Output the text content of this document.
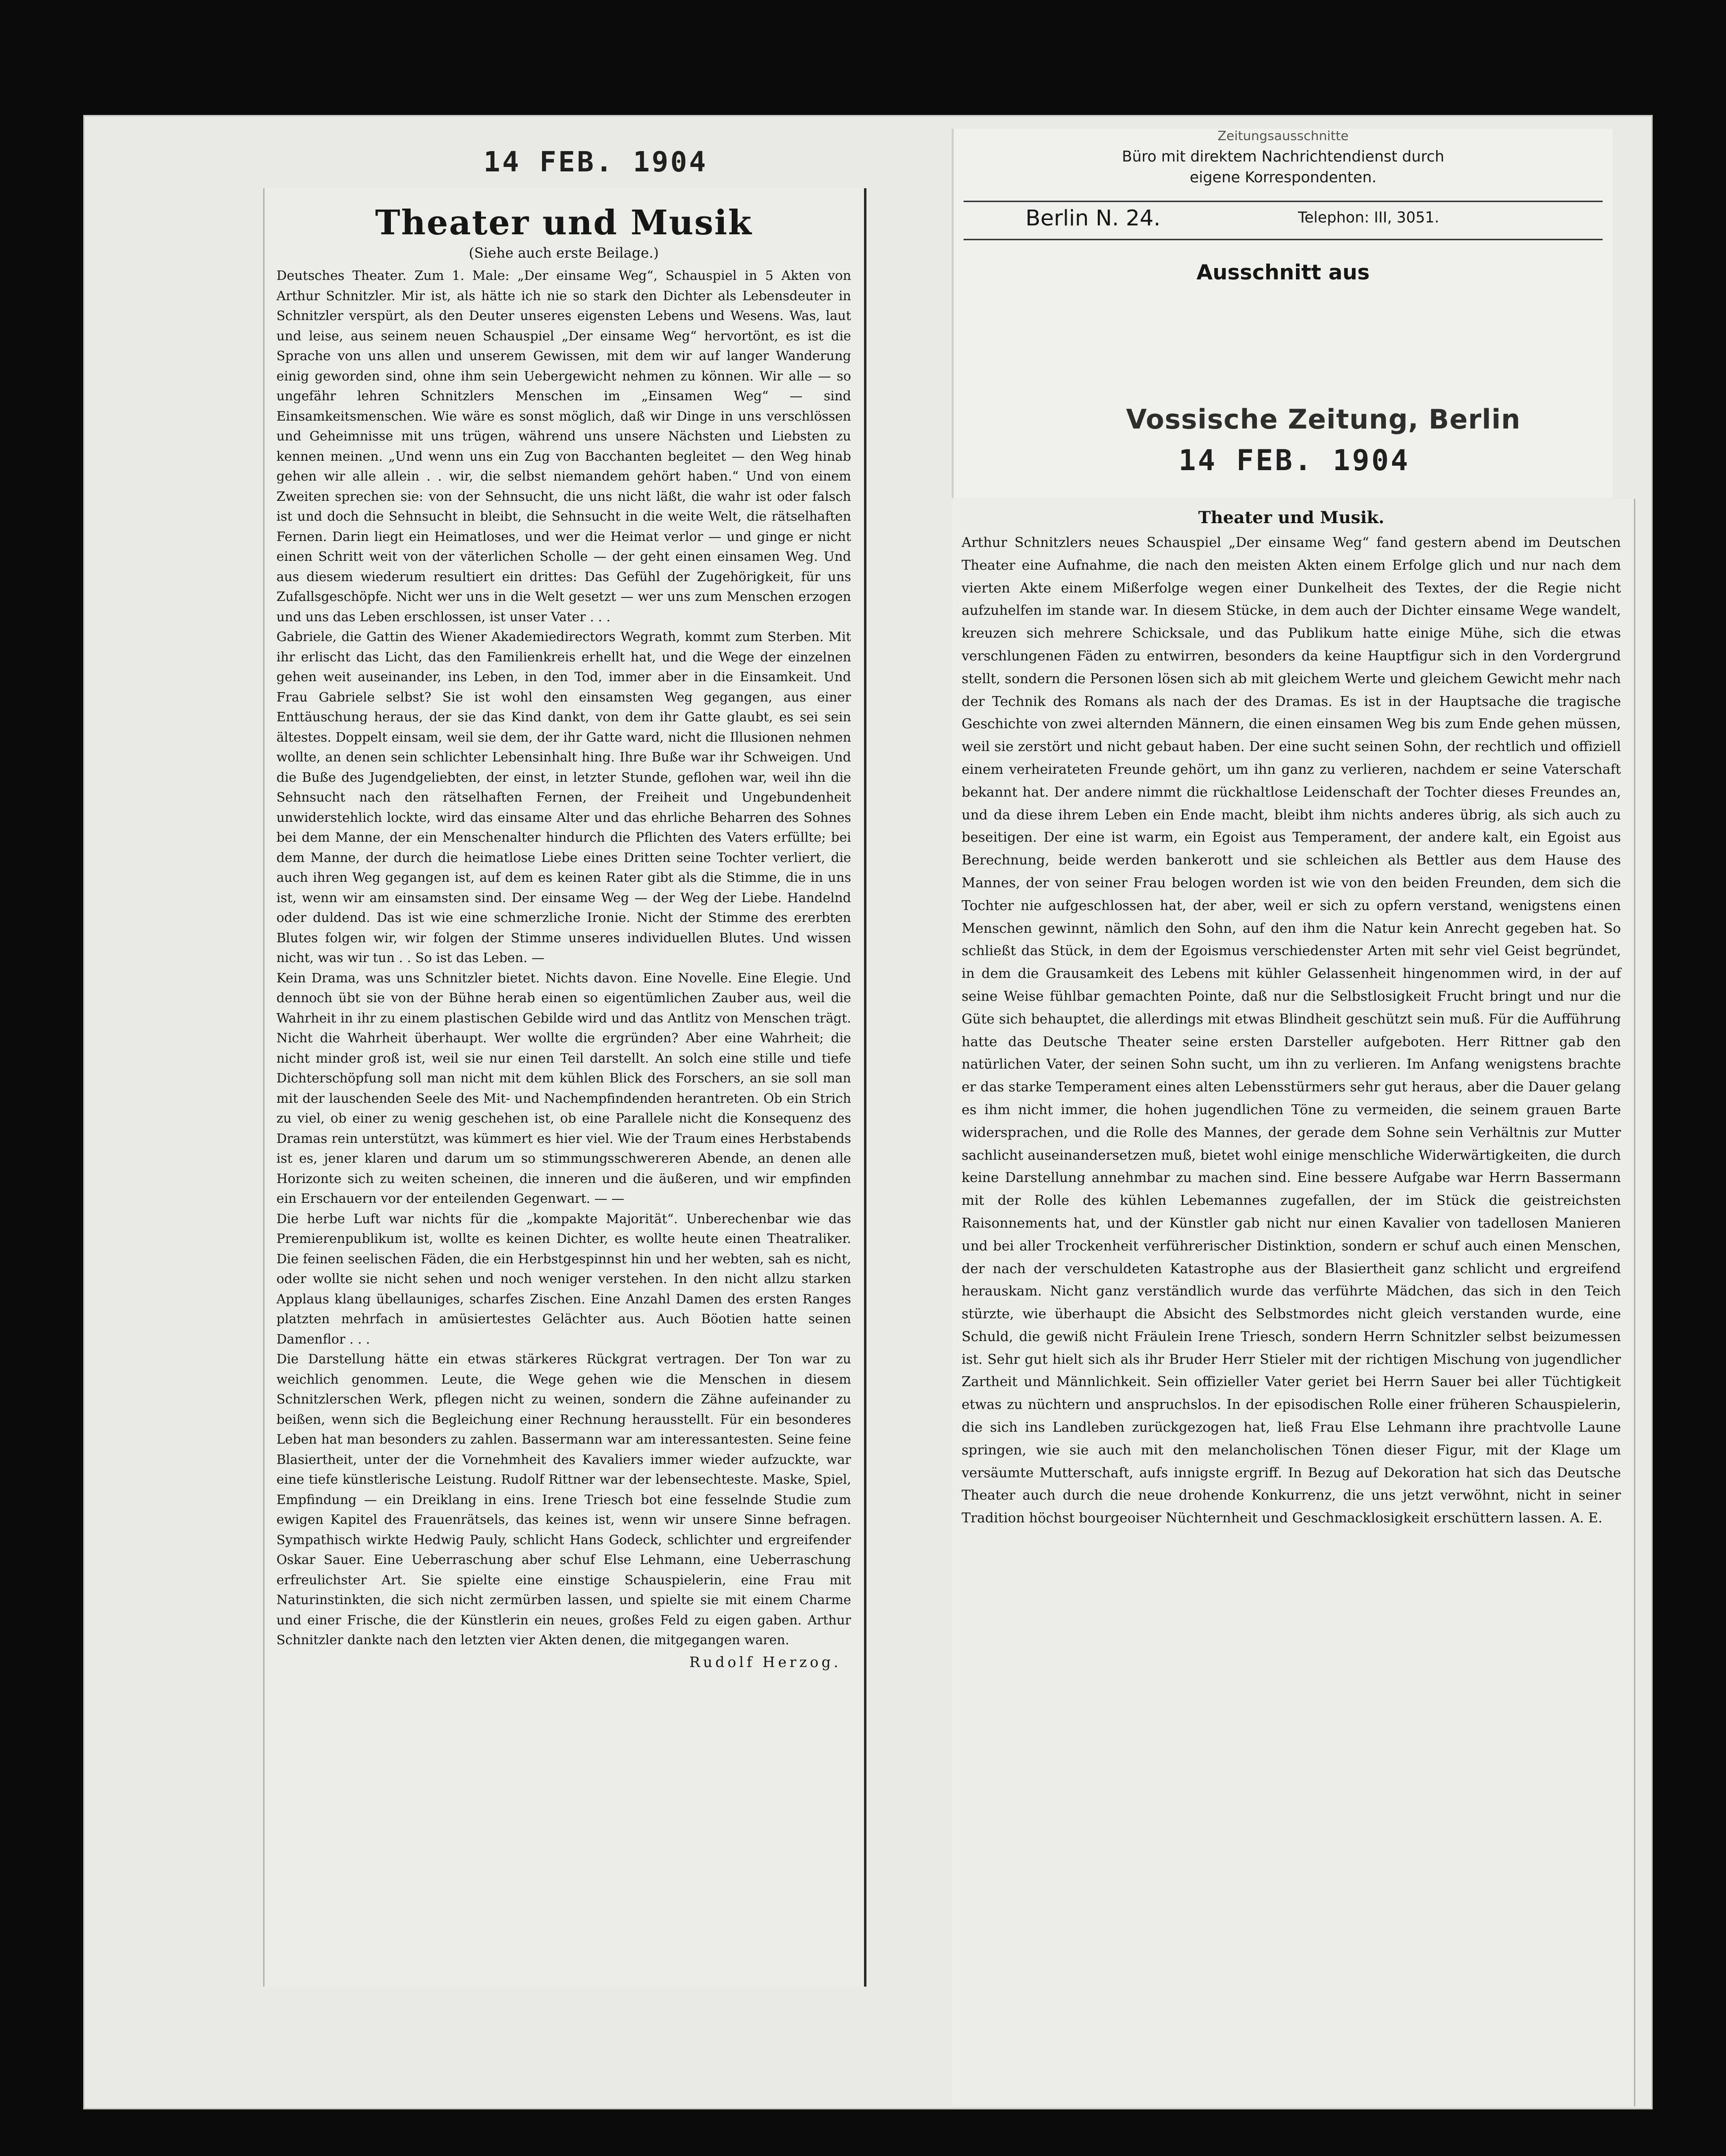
14 FEB. 1904
Theater und Musik
(Siehe auch erste Beilage.)
Deutsches Theater. Zum 1. Male: „Der einsame Weg“, Schauspiel in 5 Akten von Arthur Schnitzler. Mir ist, als hätte ich nie so stark den Dichter als Lebensdeuter in Schnitzler verspürt, als den Deuter unseres eigensten Lebens und Wesens. Was, laut und leise, aus seinem neuen Schauspiel „Der einsame Weg“ hervortönt, es ist die Sprache von uns allen und unserem Gewissen, mit dem wir auf langer Wanderung einig geworden sind, ohne ihm sein Uebergewicht nehmen zu können. Wir alle — so ungefähr lehren Schnitzlers Menschen im „Einsamen Weg“ — sind Einsamkeitsmenschen. Wie wäre es sonst möglich, daß wir Dinge in uns verschlössen und Geheimnisse mit uns trügen, während uns unsere Nächsten und Liebsten zu kennen meinen. „Und wenn uns ein Zug von Bacchanten begleitet — den Weg hinab gehen wir alle allein . . wir, die selbst niemandem gehört haben.“ Und von einem Zweiten sprechen sie: von der Sehnsucht, die uns nicht läßt, die wahr ist oder falsch ist und doch die Sehnsucht in bleibt, die Sehnsucht in die weite Welt, die rätselhaften Fernen. Darin liegt ein Heimatloses, und wer die Heimat verlor — und ginge er nicht einen Schritt weit von der väterlichen Scholle — der geht einen einsamen Weg. Und aus diesem wiederum resultiert ein drittes: Das Gefühl der Zugehörigkeit, für uns Zufallsgeschöpfe. Nicht wer uns in die Welt gesetzt — wer uns zum Menschen erzogen und uns das Leben erschlossen, ist unser Vater . . .
Gabriele, die Gattin des Wiener Akademiedirectors Wegrath, kommt zum Sterben. Mit ihr erlischt das Licht, das den Familienkreis erhellt hat, und die Wege der einzelnen gehen weit auseinander, ins Leben, in den Tod, immer aber in die Einsamkeit. Und Frau Gabriele selbst? Sie ist wohl den einsamsten Weg gegangen, aus einer Enttäuschung heraus, der sie das Kind dankt, von dem ihr Gatte glaubt, es sei sein ältestes. Doppelt einsam, weil sie dem, der ihr Gatte ward, nicht die Illusionen nehmen wollte, an denen sein schlichter Lebensinhalt hing. Ihre Buße war ihr Schweigen. Und die Buße des Jugendgeliebten, der einst, in letzter Stunde, geflohen war, weil ihn die Sehnsucht nach den rätselhaften Fernen, der Freiheit und Ungebundenheit unwiderstehlich lockte, wird das einsame Alter und das ehrliche Beharren des Sohnes bei dem Manne, der ein Menschenalter hindurch die Pflichten des Vaters erfüllte; bei dem Manne, der durch die heimatlose Liebe eines Dritten seine Tochter verliert, die auch ihren Weg gegangen ist, auf dem es keinen Rater gibt als die Stimme, die in uns ist, wenn wir am einsamsten sind. Der einsame Weg — der Weg der Liebe. Handelnd oder duldend. Das ist wie eine schmerzliche Ironie. Nicht der Stimme des ererbten Blutes folgen wir, wir folgen der Stimme unseres individuellen Blutes. Und wissen nicht, was wir tun . . So ist das Leben. —
Kein Drama, was uns Schnitzler bietet. Nichts davon. Eine Novelle. Eine Elegie. Und dennoch übt sie von der Bühne herab einen so eigentümlichen Zauber aus, weil die Wahrheit in ihr zu einem plastischen Gebilde wird und das Antlitz von Menschen trägt. Nicht die Wahrheit überhaupt. Wer wollte die ergründen? Aber eine Wahrheit; die nicht minder groß ist, weil sie nur einen Teil darstellt. An solch eine stille und tiefe Dichterschöpfung soll man nicht mit dem kühlen Blick des Forschers, an sie soll man mit der lauschenden Seele des Mit- und Nachempfindenden herantreten. Ob ein Strich zu viel, ob einer zu wenig geschehen ist, ob eine Parallele nicht die Konsequenz des Dramas rein unterstützt, was kümmert es hier viel. Wie der Traum eines Herbstabends ist es, jener klaren und darum um so stimmungsschwereren Abende, an denen alle Horizonte sich zu weiten scheinen, die inneren und die äußeren, und wir empfinden ein Erschauern vor der enteilenden Gegenwart. — —
Die herbe Luft war nichts für die „kompakte Majorität“. Unberechenbar wie das Premierenpublikum ist, wollte es keinen Dichter, es wollte heute einen Theatraliker. Die feinen seelischen Fäden, die ein Herbstgespinnst hin und her webten, sah es nicht, oder wollte sie nicht sehen und noch weniger verstehen. In den nicht allzu starken Applaus klang übellauniges, scharfes Zischen. Eine Anzahl Damen des ersten Ranges platzten mehrfach in amüsiertestes Gelächter aus. Auch Böotien hatte seinen Damenflor . . .
Die Darstellung hätte ein etwas stärkeres Rückgrat vertragen. Der Ton war zu weichlich genommen. Leute, die Wege gehen wie die Menschen in diesem Schnitzlerschen Werk, pflegen nicht zu weinen, sondern die Zähne aufeinander zu beißen, wenn sich die Begleichung einer Rechnung herausstellt. Für ein besonderes Leben hat man besonders zu zahlen. Bassermann war am interessantesten. Seine feine Blasiertheit, unter der die Vornehmheit des Kavaliers immer wieder aufzuckte, war eine tiefe künstlerische Leistung. Rudolf Rittner war der lebensechteste. Maske, Spiel, Empfindung — ein Dreiklang in eins. Irene Triesch bot eine fesselnde Studie zum ewigen Kapitel des Frauenrätsels, das keines ist, wenn wir unsere Sinne befragen. Sympathisch wirkte Hedwig Pauly, schlicht Hans Godeck, schlichter und ergreifender Oskar Sauer. Eine Ueberraschung aber schuf Else Lehmann, eine Ueberraschung erfreulichster Art. Sie spielte eine einstige Schauspielerin, eine Frau mit Naturinstinkten, die sich nicht zermürben lassen, und spielte sie mit einem Charme und einer Frische, die der Künstlerin ein neues, großes Feld zu eigen gaben. Arthur Schnitzler dankte nach den letzten vier Akten denen, die mitgegangen waren.
Rudolf Herzog.
Zeitungsausschnitte
Büro mit direktem Nachrichtendienst durch
eigene Korrespondenten.
Berlin N. 24.	Telephon: III, 3051.
Ausschnitt aus
Vossische Zeitung, Berlin
14 FEB. 1904
Theater und Musik.
Arthur Schnitzlers neues Schauspiel „Der einsame Weg“ fand gestern abend im Deutschen Theater eine Aufnahme, die nach den meisten Akten einem Erfolge glich und nur nach dem vierten Akte einem Mißerfolge wegen einer Dunkelheit des Textes, der die Regie nicht aufzuhelfen im stande war. In diesem Stücke, in dem auch der Dichter einsame Wege wandelt, kreuzen sich mehrere Schicksale, und das Publikum hatte einige Mühe, sich die etwas verschlungenen Fäden zu entwirren, besonders da keine Hauptfigur sich in den Vordergrund stellt, sondern die Personen lösen sich ab mit gleichem Werte und gleichem Gewicht mehr nach der Technik des Romans als nach der des Dramas. Es ist in der Hauptsache die tragische Geschichte von zwei alternden Männern, die einen einsamen Weg bis zum Ende gehen müssen, weil sie zerstört und nicht gebaut haben. Der eine sucht seinen Sohn, der rechtlich und offiziell einem verheirateten Freunde gehört, um ihn ganz zu verlieren, nachdem er seine Vaterschaft bekannt hat. Der andere nimmt die rückhaltlose Leidenschaft der Tochter dieses Freundes an, und da diese ihrem Leben ein Ende macht, bleibt ihm nichts anderes übrig, als sich auch zu beseitigen. Der eine ist warm, ein Egoist aus Temperament, der andere kalt, ein Egoist aus Berechnung, beide werden bankerott und sie schleichen als Bettler aus dem Hause des Mannes, der von seiner Frau belogen worden ist wie von den beiden Freunden, dem sich die Tochter nie aufgeschlossen hat, der aber, weil er sich zu opfern verstand, wenigstens einen Menschen gewinnt, nämlich den Sohn, auf den ihm die Natur kein Anrecht gegeben hat. So schließt das Stück, in dem der Egoismus verschiedenster Arten mit sehr viel Geist begründet, in dem die Grausamkeit des Lebens mit kühler Gelassenheit hingenommen wird, in der auf seine Weise fühlbar gemachten Pointe, daß nur die Selbstlosigkeit Frucht bringt und nur die Güte sich behauptet, die allerdings mit etwas Blindheit geschützt sein muß. Für die Aufführung hatte das Deutsche Theater seine ersten Darsteller aufgeboten. Herr Rittner gab den natürlichen Vater, der seinen Sohn sucht, um ihn zu verlieren. Im Anfang wenigstens brachte er das starke Temperament eines alten Lebensstürmers sehr gut heraus, aber die Dauer gelang es ihm nicht immer, die hohen jugendlichen Töne zu vermeiden, die seinem grauen Barte widersprachen, und die Rolle des Mannes, der gerade dem Sohne sein Verhältnis zur Mutter sachlicht auseinandersetzen muß, bietet wohl einige menschliche Widerwärtigkeiten, die durch keine Darstellung annehmbar zu machen sind. Eine bessere Aufgabe war Herrn Bassermann mit der Rolle des kühlen Lebemannes zugefallen, der im Stück die geistreichsten Raisonnements hat, und der Künstler gab nicht nur einen Kavalier von tadellosen Manieren und bei aller Trockenheit verführerischer Distinktion, sondern er schuf auch einen Menschen, der nach der verschuldeten Katastrophe aus der Blasiertheit ganz schlicht und ergreifend herauskam. Nicht ganz verständlich wurde das verführte Mädchen, das sich in den Teich stürzte, wie überhaupt die Absicht des Selbstmordes nicht gleich verstanden wurde, eine Schuld, die gewiß nicht Fräulein Irene Triesch, sondern Herrn Schnitzler selbst beizumessen ist. Sehr gut hielt sich als ihr Bruder Herr Stieler mit der richtigen Mischung von jugendlicher Zartheit und Männlichkeit. Sein offizieller Vater geriet bei Herrn Sauer bei aller Tüchtigkeit etwas zu nüchtern und anspruchslos. In der episodischen Rolle einer früheren Schauspielerin, die sich ins Landleben zurückgezogen hat, ließ Frau Else Lehmann ihre prachtvolle Laune springen, wie sie auch mit den melancholischen Tönen dieser Figur, mit der Klage um versäumte Mutterschaft, aufs innigste ergriff. In Bezug auf Dekoration hat sich das Deutsche Theater auch durch die neue drohende Konkurrenz, die uns jetzt verwöhnt, nicht in seiner Tradition höchst bourgeoiser Nüchternheit und Geschmacklosigkeit erschüttern lassen. A. E.
